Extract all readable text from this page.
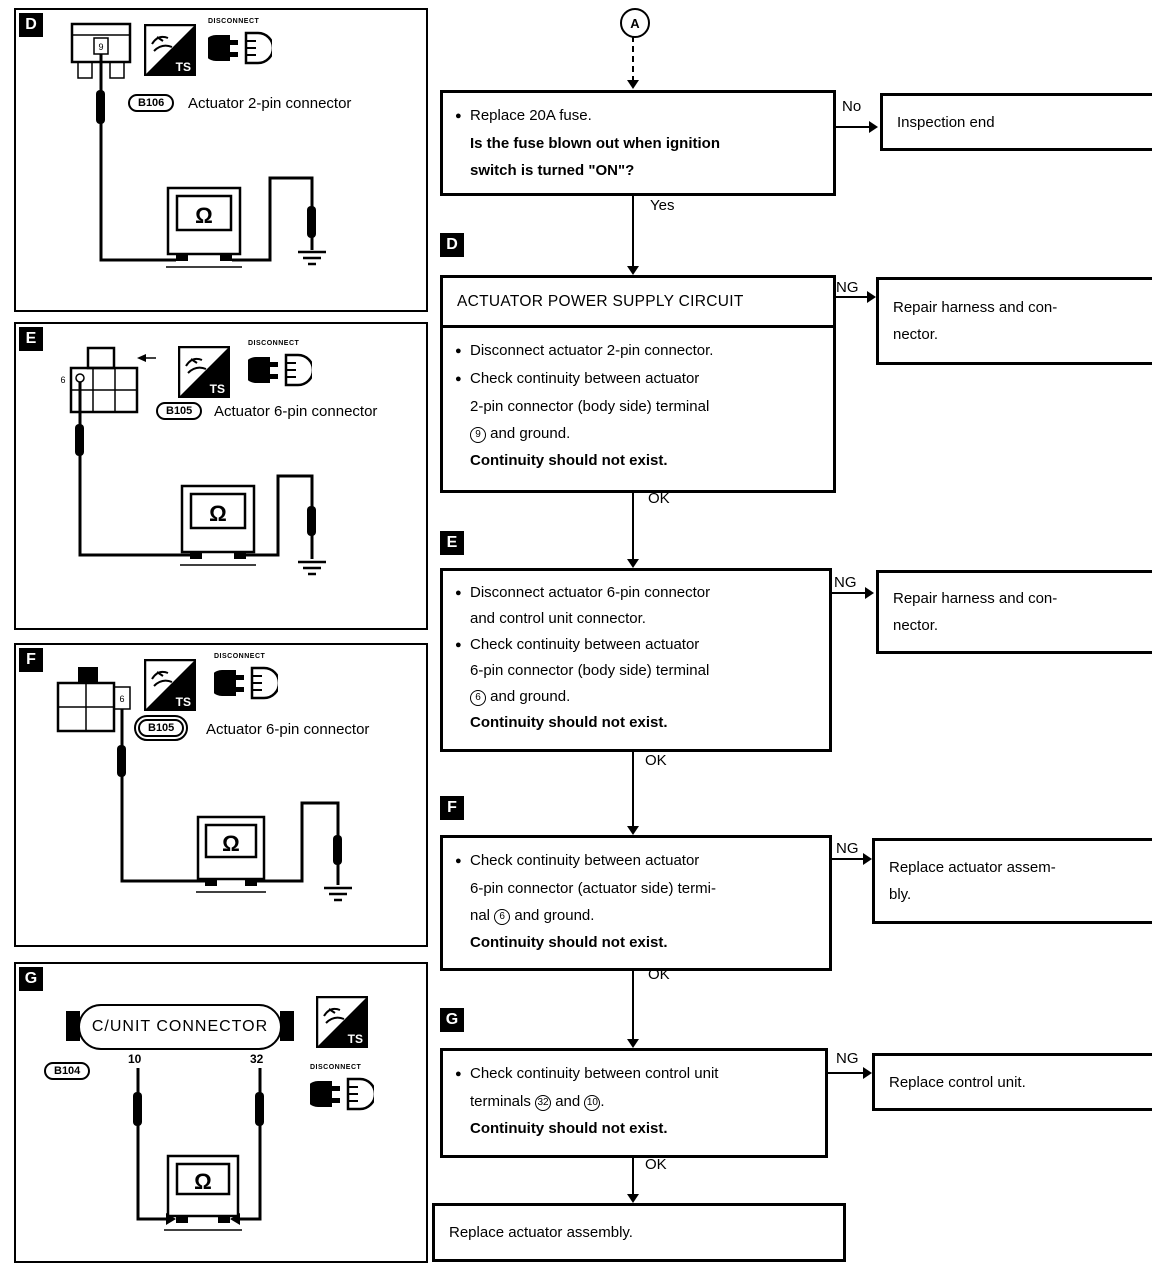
9
Ω
TS
DISCONNECT
B106	Actuator 2-pin connector
D
6
Ω
TS
DISCONNECT
B105	Actuator 6-pin connector
E
6
Ω
TS
DISCONNECT
B105	Actuator 6-pin connector
F
Ω
C/UNIT CONNECTOR
10	32
TS
DISCONNECT
B104
G
A
● Replace 20A fuse.
Is the fuse blown out when ignition
switch is turned "ON"?
No
Inspection end
Yes
D
ACTUATOR POWER SUPPLY CIRCUIT
● Disconnect actuator 2-pin connector.
● Check continuity between actuator
2-pin connector (body side) terminal
9 and ground.
Continuity should not exist.
NG
Repair harness and con-
nector.
OK
E
● Disconnect actuator 6-pin connector
and control unit connector.
● Check continuity between actuator
6-pin connector (body side) terminal
6 and ground.
Continuity should not exist.
NG
Repair harness and con-
nector.
OK
F
● Check continuity between actuator
6-pin connector (actuator side) termi-
nal 6 and ground.
Continuity should not exist.
NG
Replace actuator assem-
bly.
OK
G
● Check continuity between control unit
terminals 32 and 10 .
Continuity should not exist.
NG
Replace control unit.
OK
Replace actuator assembly.
